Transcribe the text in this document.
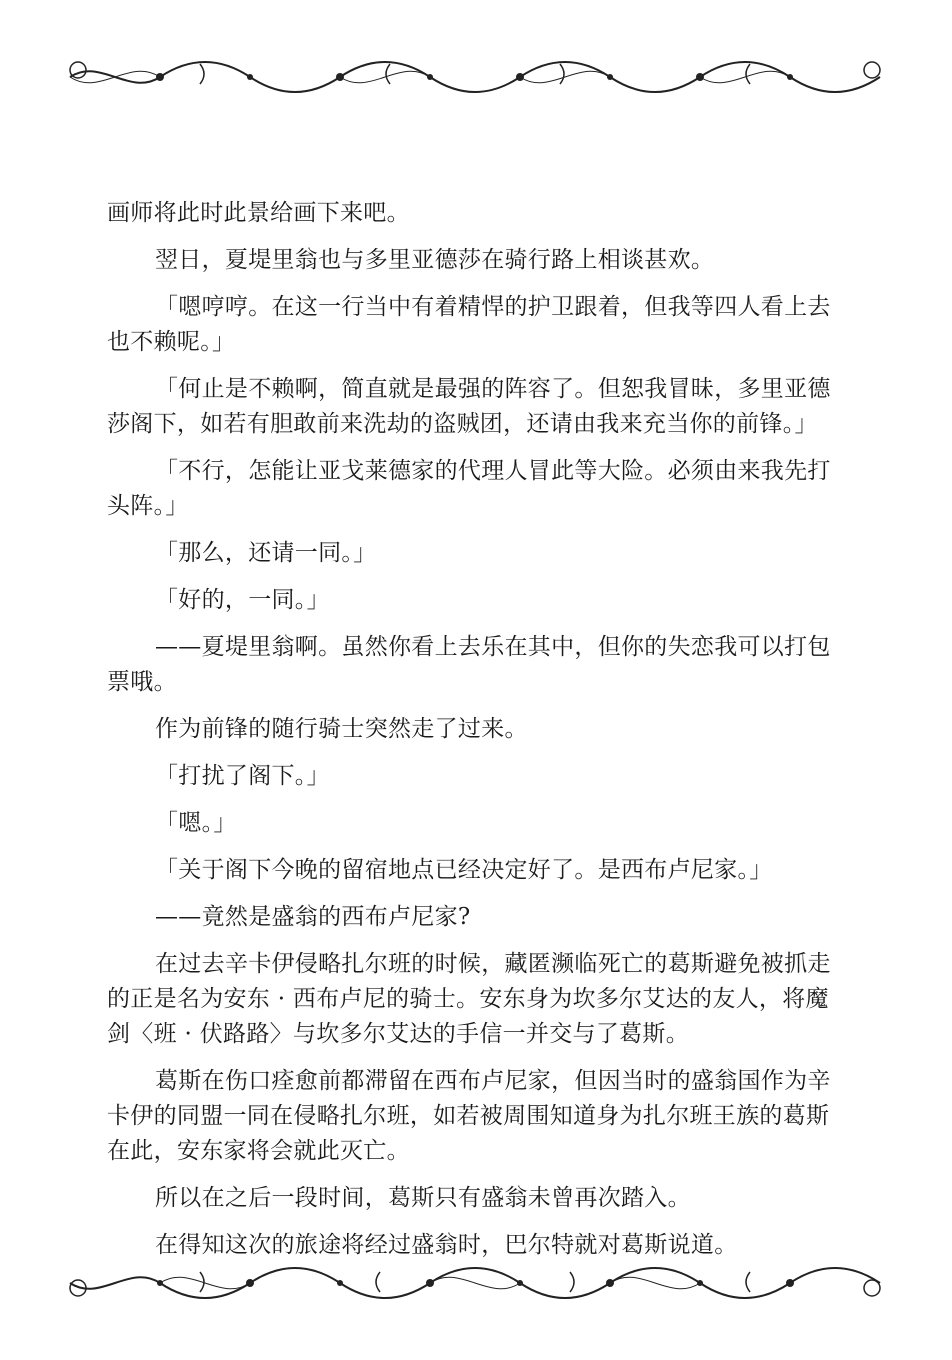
画师将此时此景给画下来吧。

翌日，夏堤里翁也与多里亚德莎在骑行路上相谈甚欢。

「嗯哼哼。在这一行当中有着精悍的护卫跟着，但我等四人看上去也不赖呢。」

「何止是不赖啊，简直就是最强的阵容了。但恕我冒昧，多里亚德莎阁下，如若有胆敢前来洗劫的盗贼团，还请由我来充当你的前锋。」

「不行，怎能让亚戈莱德家的代理人冒此等大险。必须由来我先打头阵。」

「那么，还请一同。」

「好的，一同。」

——夏堤里翁啊。虽然你看上去乐在其中，但你的失恋我可以打包票哦。

作为前锋的随行骑士突然走了过来。

「打扰了阁下。」

「嗯。」

「关于阁下今晚的留宿地点已经决定好了。是西布卢尼家。」

——竟然是盛翁的西布卢尼家?

在过去辛卡伊侵略扎尔班的时候，藏匿濒临死亡的葛斯避免被抓走的正是名为安东 · 西布卢尼的骑士。安东身为坎多尔艾达的友人，将魔剑〈班 · 伏路路〉与坎多尔艾达的手信一并交与了葛斯。

葛斯在伤口痊愈前都滞留在西布卢尼家，但因当时的盛翁国作为辛卡伊的同盟一同在侵略扎尔班，如若被周围知道身为扎尔班王族的葛斯在此，安东家将会就此灭亡。

所以在之后一段时间，葛斯只有盛翁未曾再次踏入。

在得知这次的旅途将经过盛翁时，巴尔特就对葛斯说道。
